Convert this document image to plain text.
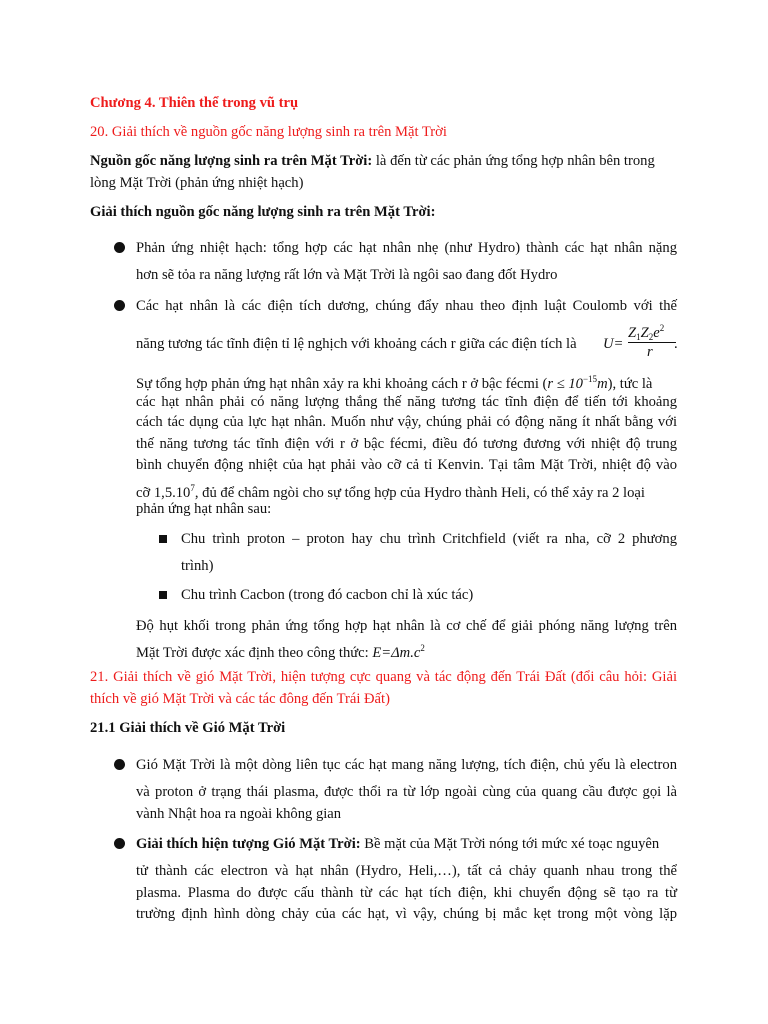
Chương 4. Thiên thể trong vũ trụ
20. Giải thích về nguồn gốc năng lượng sinh ra trên Mặt Trời
Nguồn gốc năng lượng sinh ra trên Mặt Trời: là đến từ các phản ứng tổng hợp nhân bên trong
lòng Mặt Trời (phản ứng nhiệt hạch)
Giải thích nguồn gốc năng lượng sinh ra trên Mặt Trời:
Phản ứng nhiệt hạch: tổng hợp các hạt nhân nhẹ (như Hydro) thành các hạt nhân nặng
hơn sẽ tỏa ra năng lượng rất lớn và Mặt Trời là ngôi sao đang đốt Hydro
Các hạt nhân là các điện tích dương, chúng đẩy nhau theo định luật Coulomb với thế
năng tương tác tĩnh điện tỉ lệ nghịch với khoảng cách r giữa các điện tích là U=
$Z_1Z_2e^2$
r .
Sự tổng hợp phản ứng hạt nhân xảy ra khi khoảng cách r ở bậc fécmi $(r \le 10^{-15}m)$, tức là
các hạt nhân phải có năng lượng thắng thế năng tương tác tĩnh điện để tiến tới khoảng
cách tác dụng của lực hạt nhân. Muốn như vậy, chúng phải có động năng ít nhất bằng với
thế năng tương tác tĩnh điện với r ở bậc fécmi, điều đó tương đương với nhiệt độ trung
bình chuyển động nhiệt của hạt phải vào cỡ cả tỉ Kenvin. Tại tâm Mặt Trời, nhiệt độ vào
cỡ 1,5.10$^7$, đủ để châm ngòi cho sự tổng hợp của Hydro thành Heli, có thể xảy ra 2 loại
phản ứng hạt nhân sau:
Chu trình proton – proton hay chu trình Critchfield (viết ra nha, cỡ 2 phương
trình)
Chu trình Cacbon (trong đó cacbon chỉ là xúc tác)
Độ hụt khối trong phản ứng tổng hợp hạt nhân là cơ chế để giải phóng năng lượng trên
Mặt Trời được xác định theo công thức: $E=\Delta m.c^2$
21. Giải thích về gió Mặt Trời, hiện tượng cực quang và tác động đến Trái Đất (đổi câu hỏi: Giải
thích về gió Mặt Trời và các tác đông đến Trái Đất)
21.1 Giải thích về Gió Mặt Trời
Gió Mặt Trời là một dòng liên tục các hạt mang năng lượng, tích điện, chủ yếu là electron
và proton ở trạng thái plasma, được thổi ra từ lớp ngoài cùng của quang cầu được gọi là
vành Nhật hoa ra ngoài không gian
Giải thích hiện tượng Gió Mặt Trời: Bề mặt của Mặt Trời nóng tới mức xé toạc nguyên
tử thành các electron và hạt nhân (Hydro, Heli,…), tất cả chảy quanh nhau trong thể
plasma. Plasma do được cấu thành từ các hạt tích điện, khi chuyển động sẽ tạo ra từ
trường định hình dòng chảy của các hạt, vì vậy, chúng bị mắc kẹt trong một vòng lặp
